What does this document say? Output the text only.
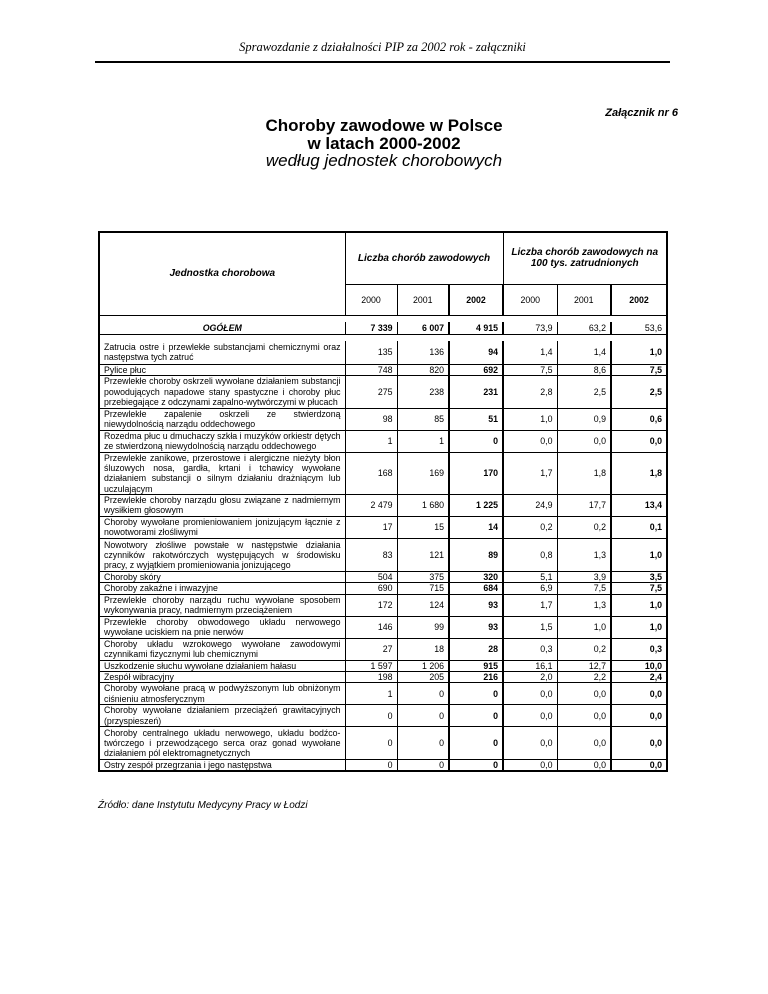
Sprawozdanie z działalności PIP za 2002 rok - załączniki
Załącznik nr 6
Choroby zawodowe w Polsce
w latach 2000-2002
według jednostek chorobowych
Jednostka chorobowa	Liczba chorób zawodowych			Liczba chorób zawodowych na 100 tys. zatrudnionych		
	2000	2001	2002	2000	2001	2002

OGÓŁEM	7 339	6 007	4 915	73,9	63,2	53,6

Zatrucia ostre i przewlekłe substancjami chemicznymi oraz następstwa tych zatruć	135	136	94	1,4	1,4	1,0
Pylice płuc	748	820	692	7,5	8,6	7,5
Przewlekłe choroby oskrzeli wywołane działaniem substancji powodujących napadowe stany spastyczne i choroby płuc przebiegające z odczynami zapalno-wytwórczymi w płucach	275	238	231	2,8	2,5	2,5
Przewlekłe zapalenie oskrzeli ze stwierdzoną niewydolnością narządu oddechowego	98	85	51	1,0	0,9	0,6
Rozedma płuc u dmuchaczy szkła i muzyków orkiestr dętych ze stwierdzoną niewydolnością narządu oddechowego	1	1	0	0,0	0,0	0,0
Przewlekłe zanikowe, przerostowe i alergiczne nieżyty błon śluzowych nosa, gardła, krtani i tchawicy wywołane działaniem substancji o silnym działaniu drażniącym lub uczulającym	168	169	170	1,7	1,8	1,8
Przewlekłe choroby narządu głosu związane z nadmiernym wysiłkiem głosowym	2 479	1 680	1 225	24,9	17,7	13,4
Choroby wywołane promieniowaniem jonizującym łącznie z nowotworami złośliwymi	17	15	14	0,2	0,2	0,1
Nowotwory złośliwe powstałe w następstwie działania czynników rakotwórczych występujących w środowisku pracy, z wyjątkiem promieniowania jonizującego	83	121	89	0,8	1,3	1,0
Choroby skóry	504	375	320	5,1	3,9	3,5
Choroby zakaźne i inwazyjne	690	715	684	6,9	7,5	7,5
Przewlekłe choroby narządu ruchu wywołane sposobem wykonywania pracy, nadmiernym przeciążeniem	172	124	93	1,7	1,3	1,0
Przewlekłe choroby obwodowego układu nerwowego wywołane uciskiem na pnie nerwów	146	99	93	1,5	1,0	1,0
Choroby układu wzrokowego wywołane zawodowymi czynnikami fizycznymi lub chemicznymi	27	18	28	0,3	0,2	0,3
Uszkodzenie słuchu wywołane działaniem hałasu	1 597	1 206	915	16,1	12,7	10,0
Zespół wibracyjny	198	205	216	2,0	2,2	2,4
Choroby wywołane pracą w podwyższonym lub obniżonym ciśnieniu atmosferycznym	1	0	0	0,0	0,0	0,0
Choroby wywołane działaniem przeciążeń grawitacyjnych (przyspieszeń)	0	0	0	0,0	0,0	0,0
Choroby centralnego układu nerwowego, układu bodźco-twórczego i przewodzącego serca oraz gonad wywołane działaniem pól elektromagnetycznych	0	0	0	0,0	0,0	0,0
Ostry zespół przegrzania i jego następstwa	0	0	0	0,0	0,0	0,0
Źródło: dane Instytutu Medycyny Pracy w Łodzi
